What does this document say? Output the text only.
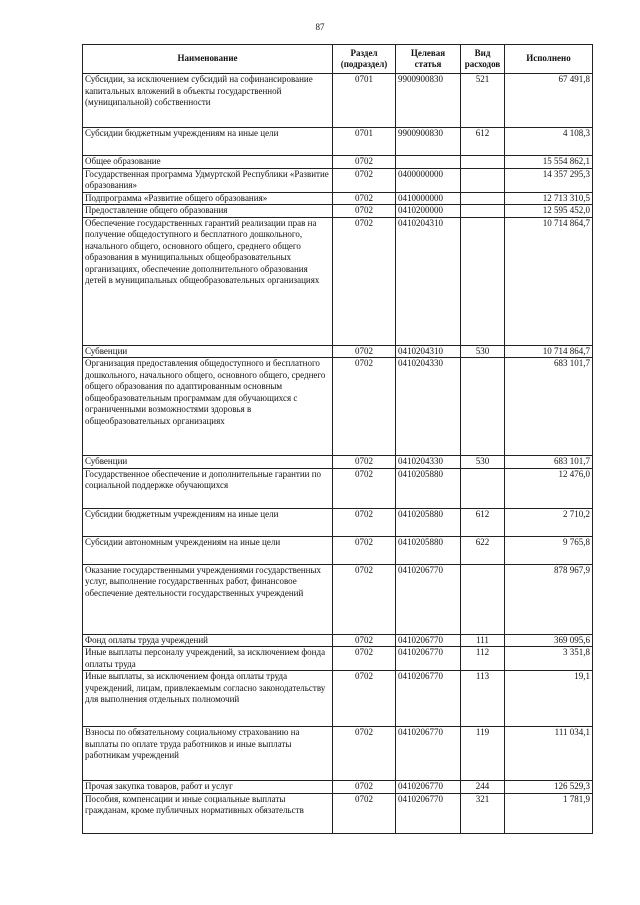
87
Наименование	Раздел (подраздел)	Целевая статья	Вид расходов	Исполнено
Субсидии, за исключением субсидий на софинансирование капитальных вложений в объекты государственной (муниципальной) собственности	0701	9900900830	521	67 491,8
Субсидии бюджетным учреждениям на иные цели	0701	9900900830	612	4 108,3
Общее образование	0702			15 554 862,1
Государственная программа Удмуртской Республики «Развитие образования»	0702	0400000000		14 357 295,3
Подпрограмма «Развитие общего образования»	0702	0410000000		12 713 310,5
Предоставление общего образования	0702	0410200000		12 595 452,0
Обеспечение государственных гарантий реализации прав на получение общедоступного и бесплатного дошкольного, начального общего, основного общего, среднего общего образования в муниципальных общеобразовательных организациях, обеспечение дополнительного образования детей в муниципальных общеобразовательных организациях	0702	0410204310		10 714 864,7
Субвенции	0702	0410204310	530	10 714 864,7
Организация предоставления общедоступного и бесплатного дошкольного, начального общего, основного общего, среднего общего образования по адаптированным основным общеобразовательным программам для обучающихся с ограниченными возможностями здоровья в общеобразовательных организациях	0702	0410204330		683 101,7
Субвенции	0702	0410204330	530	683 101,7
Государственное обеспечение и дополнительные гарантии по социальной поддержке обучающихся	0702	0410205880		12 476,0
Субсидии бюджетным учреждениям на иные цели	0702	0410205880	612	2 710,2
Субсидии автономным учреждениям на иные цели	0702	0410205880	622	9 765,8
Оказание государственными учреждениями государственных услуг, выполнение государственных работ, финансовое обеспечение деятельности государственных учреждений	0702	0410206770		878 967,9
Фонд оплаты труда учреждений	0702	0410206770	111	369 095,6
Иные выплаты персоналу учреждений, за исключением фонда оплаты труда	0702	0410206770	112	3 351,8
Иные выплаты, за исключением фонда оплаты труда учреждений, лицам, привлекаемым согласно законодательству для выполнения отдельных полномочий	0702	0410206770	113	19,1
Взносы по обязательному социальному страхованию на выплаты по оплате труда работников и иные выплаты работникам учреждений	0702	0410206770	119	111 034,1
Прочая закупка товаров, работ и услуг	0702	0410206770	244	126 529,3
Пособия, компенсации и иные социальные выплаты гражданам, кроме публичных нормативных обязательств	0702	0410206770	321	1 781,9
